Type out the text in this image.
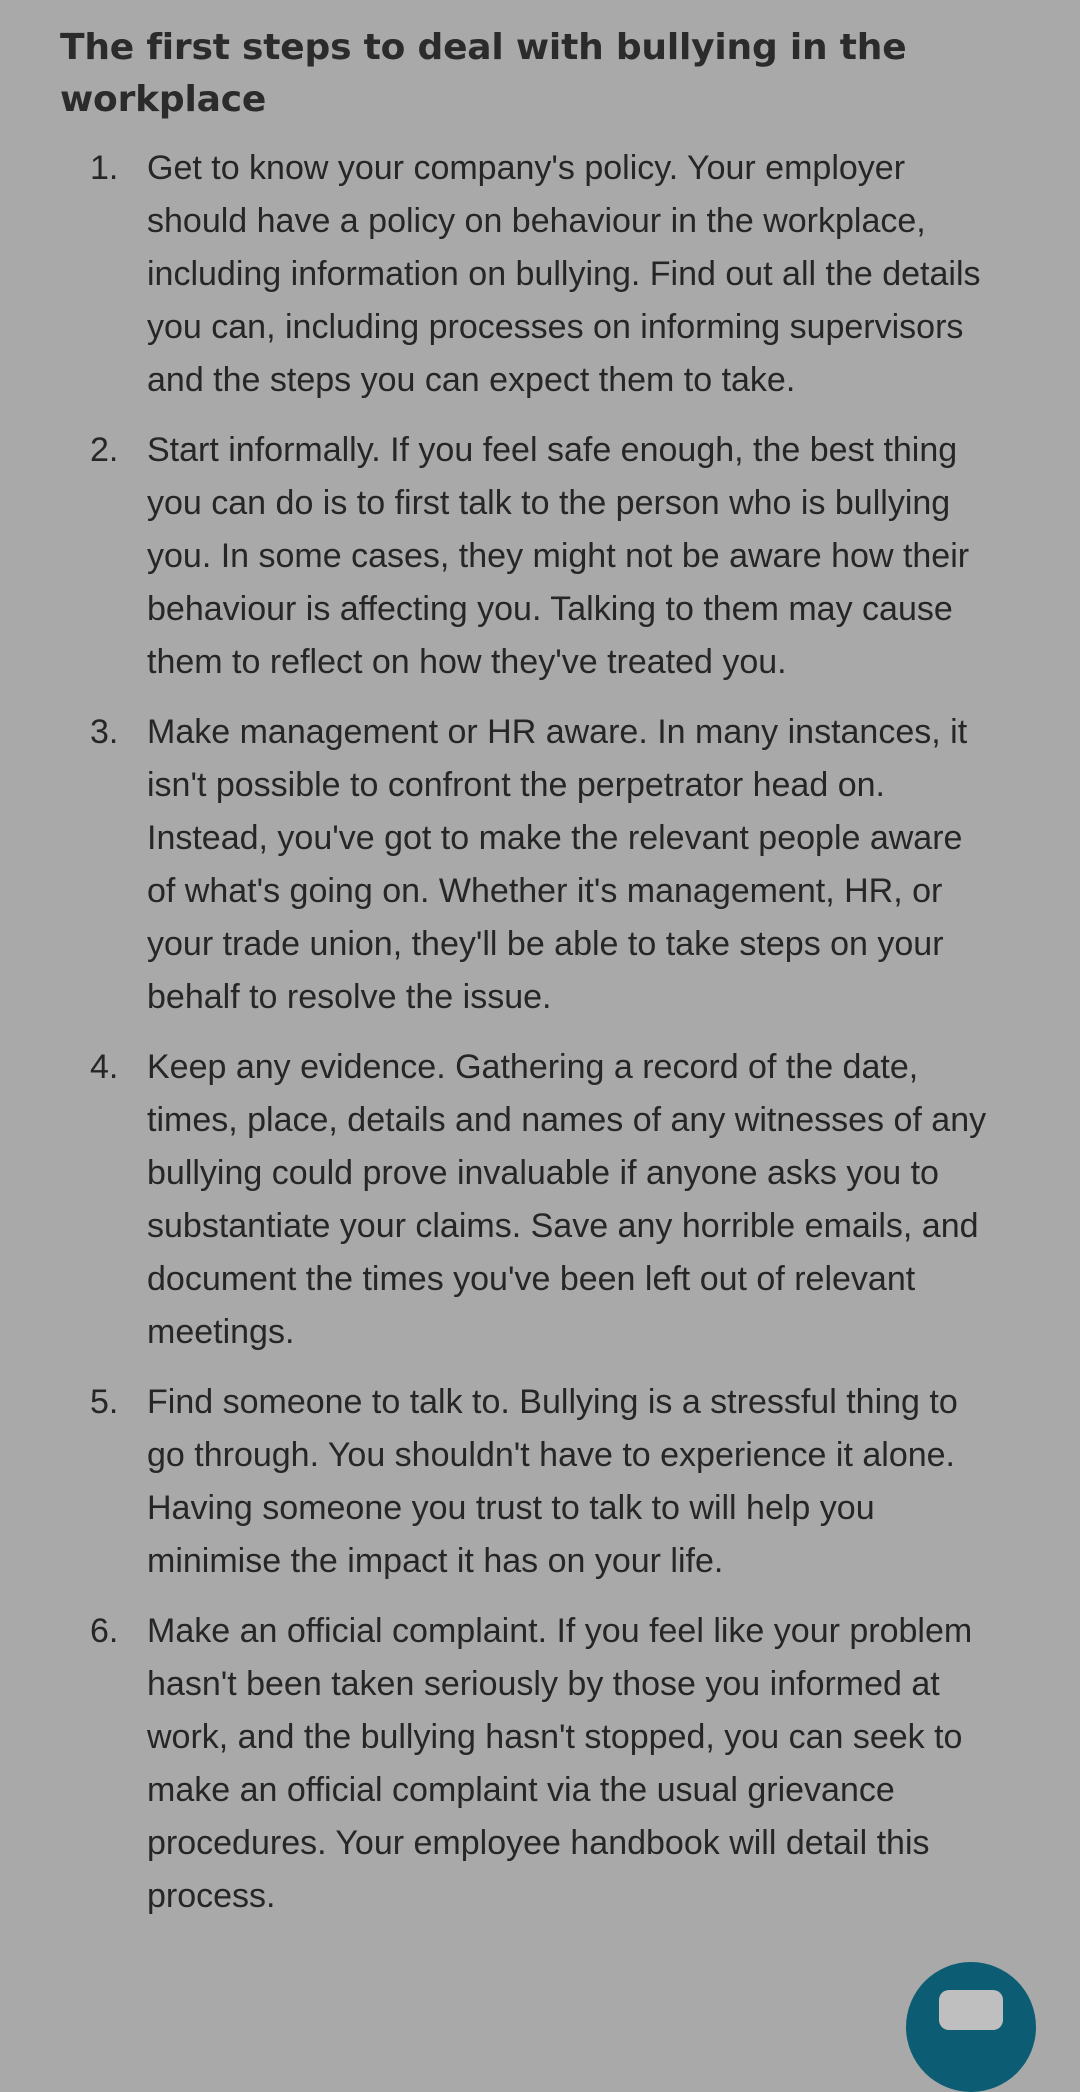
The first steps to deal with bullying in the workplace
1. Get to know your company's policy. Your employer should have a policy on behaviour in the workplace, including information on bullying. Find out all the details you can, including processes on informing supervisors and the steps you can expect them to take.
2. Start informally. If you feel safe enough, the best thing you can do is to first talk to the person who is bullying you. In some cases, they might not be aware how their behaviour is affecting you. Talking to them may cause them to reflect on how they've treated you.
3. Make management or HR aware. In many instances, it isn't possible to confront the perpetrator head on. Instead, you've got to make the relevant people aware of what's going on. Whether it's management, HR, or your trade union, they'll be able to take steps on your behalf to resolve the issue.
4. Keep any evidence. Gathering a record of the date, times, place, details and names of any witnesses of any bullying could prove invaluable if anyone asks you to substantiate your claims. Save any horrible emails, and document the times you've been left out of relevant meetings.
5. Find someone to talk to. Bullying is a stressful thing to go through. You shouldn't have to experience it alone. Having someone you trust to talk to will help you minimise the impact it has on your life.
6. Make an official complaint. If you feel like your problem hasn't been taken seriously by those you informed at work, and the bullying hasn't stopped, you can seek to make an official complaint via the usual grievance procedures. Your employee handbook will detail this process.
